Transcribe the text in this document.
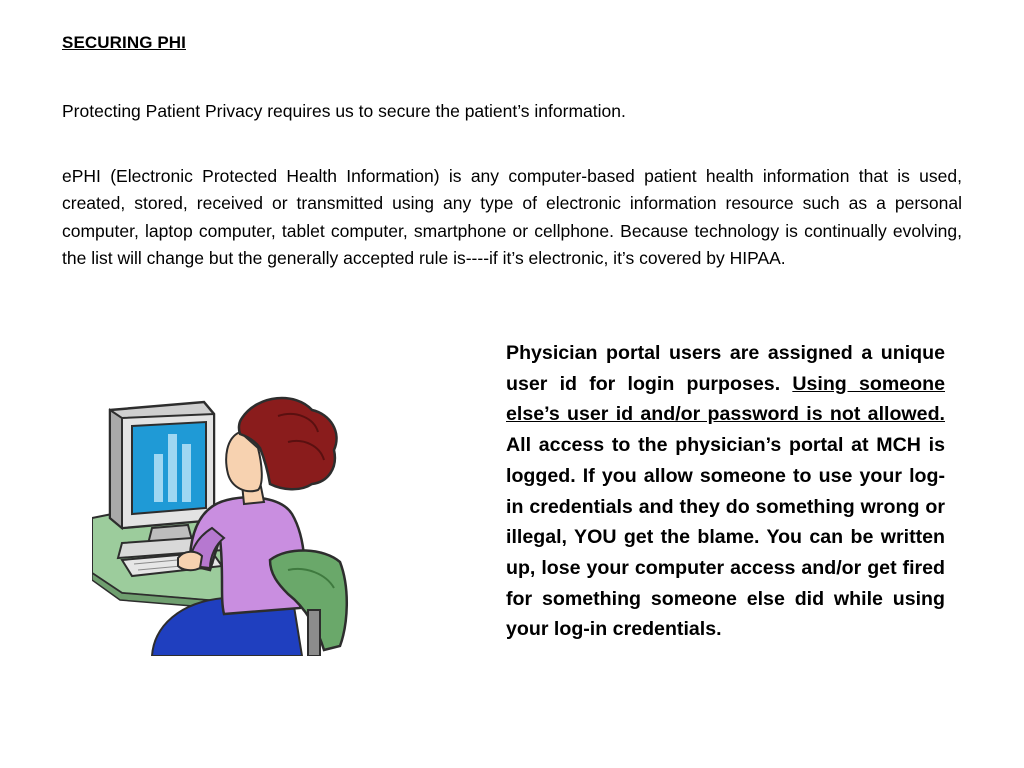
SECURING PHI

Protecting Patient Privacy requires us to secure the patient’s information.

ePHI (Electronic Protected Health Information) is any computer-based patient health information that is used, created, stored, received or transmitted using any type of electronic information resource such as a personal computer, laptop computer, tablet computer, smartphone or cellphone. Because technology is continually evolving, the list will change but the generally accepted rule is----if it’s electronic, it’s covered by HIPAA.

Physician portal users are assigned a unique user id for login purposes. Using someone else’s user id and/or password is not allowed. All access to the physician’s portal at MCH is logged. If you allow someone to use your log-in credentials and they do something wrong or illegal, YOU get the blame. You can be written up, lose your computer access and/or get fired for something someone else did while using your log-in credentials.
